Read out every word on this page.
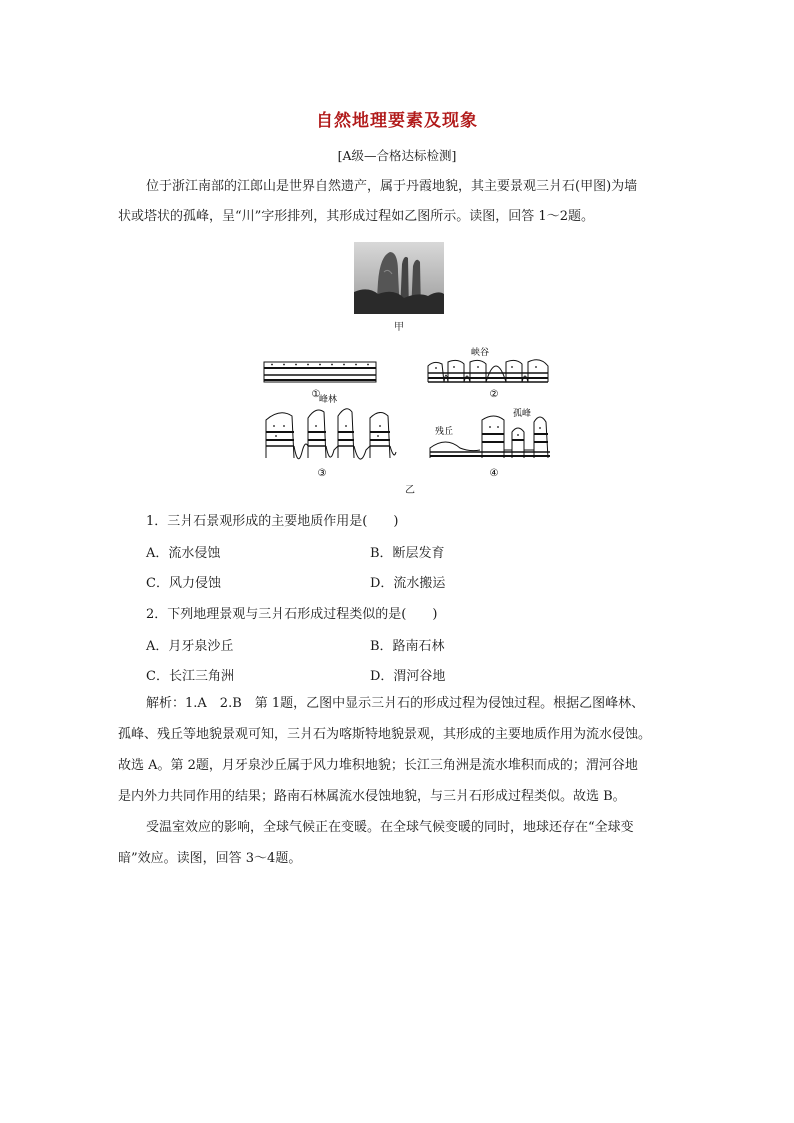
自然地理要素及现象
[A级—合格达标检测]
位于浙江南部的江郎山是世界自然遗产，属于丹霞地貌，其主要景观三爿石(甲图)为墙
状或塔状的孤峰，呈“川”字形排列，其形成过程如乙图所示。读图，回答 1～2题。
甲
①
峡谷
②
峰林
③
残丘
孤峰
④
乙
1．三爿石景观形成的主要地质作用是(　　)
A．流水侵蚀	B．断层发育
C．风力侵蚀	D．流水搬运
2．下列地理景观与三爿石形成过程类似的是(　　)
A．月牙泉沙丘	B．路南石林
C．长江三角洲	D．渭河谷地
解析：1.A　2.B　第 1题，乙图中显示三爿石的形成过程为侵蚀过程。根据乙图峰林、
孤峰、残丘等地貌景观可知，三爿石为喀斯特地貌景观，其形成的主要地质作用为流水侵蚀。
故选 A。第 2题，月牙泉沙丘属于风力堆积地貌；长江三角洲是流水堆积而成的；渭河谷地
是内外力共同作用的结果；路南石林属流水侵蚀地貌，与三爿石形成过程类似。故选 B。
受温室效应的影响，全球气候正在变暖。在全球气候变暖的同时，地球还存在“全球变
暗”效应。读图，回答 3～4题。
